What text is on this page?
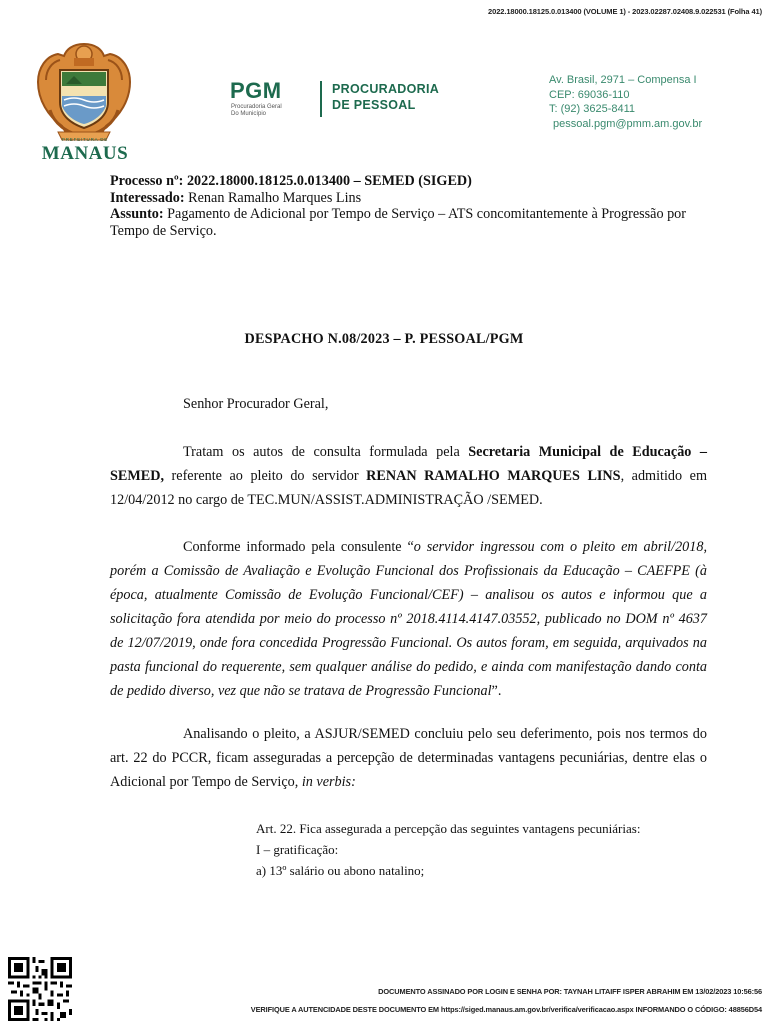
2022.18000.18125.0.013400 (VOLUME 1) - 2023.02287.02408.9.022531 (Folha 41)
PREFEITURA DE
MANAUS
PGM
Procuradoria Geral
Do Município
PROCURADORIA
DE PESSOAL
Av. Brasil, 2971 – Compensa I
CEP: 69036-110
T: (92) 3625-8411
pessoal.pgm@pmm.am.gov.br
Processo nº: 2022.18000.18125.0.013400 – SEMED (SIGED)
Interessado: Renan Ramalho Marques Lins
Assunto: Pagamento de Adicional por Tempo de Serviço – ATS concomitantemente à Progressão por Tempo de Serviço.
DESPACHO N.08/2023 – P. PESSOAL/PGM
Senhor Procurador Geral,
Tratam os autos de consulta formulada pela Secretaria Municipal de Educação – SEMED, referente ao pleito do servidor RENAN RAMALHO MARQUES LINS, admitido em 12/04/2012 no cargo de TEC.MUN/ASSIST.ADMINISTRAÇÃO /SEMED.
Conforme informado pela consulente “o servidor ingressou com o pleito em abril/2018, porém a Comissão de Avaliação e Evolução Funcional dos Profissionais da Educação – CAEFPE (à época, atualmente Comissão de Evolução Funcional/CEF) – analisou os autos e informou que a solicitação fora atendida por meio do processo nº 2018.4114.4147.03552, publicado no DOM nº 4637 de 12/07/2019, onde fora concedida Progressão Funcional. Os autos foram, em seguida, arquivados na pasta funcional do requerente, sem qualquer análise do pedido, e ainda com manifestação dando conta de pedido diverso, vez que não se tratava de Progressão Funcional”.
Analisando o pleito, a ASJUR/SEMED concluiu pelo seu deferimento, pois nos termos do art. 22 do PCCR, ficam asseguradas a percepção de determinadas vantagens pecuniárias, dentre elas o Adicional por Tempo de Serviço, in verbis:

Art. 22. Fica assegurada a percepção das seguintes vantagens pecuniárias:

I – gratificação:
a) 13º salário ou abono natalino;
DOCUMENTO ASSINADO POR LOGIN E SENHA POR: TAYNAH LITAIFF ISPER ABRAHIM EM 13/02/2023 10:56:56
VERIFIQUE A AUTENCIDADE DESTE DOCUMENTO EM https://siged.manaus.am.gov.br/verifica/verificacao.aspx INFORMANDO O CÓDIGO: 48856D54
